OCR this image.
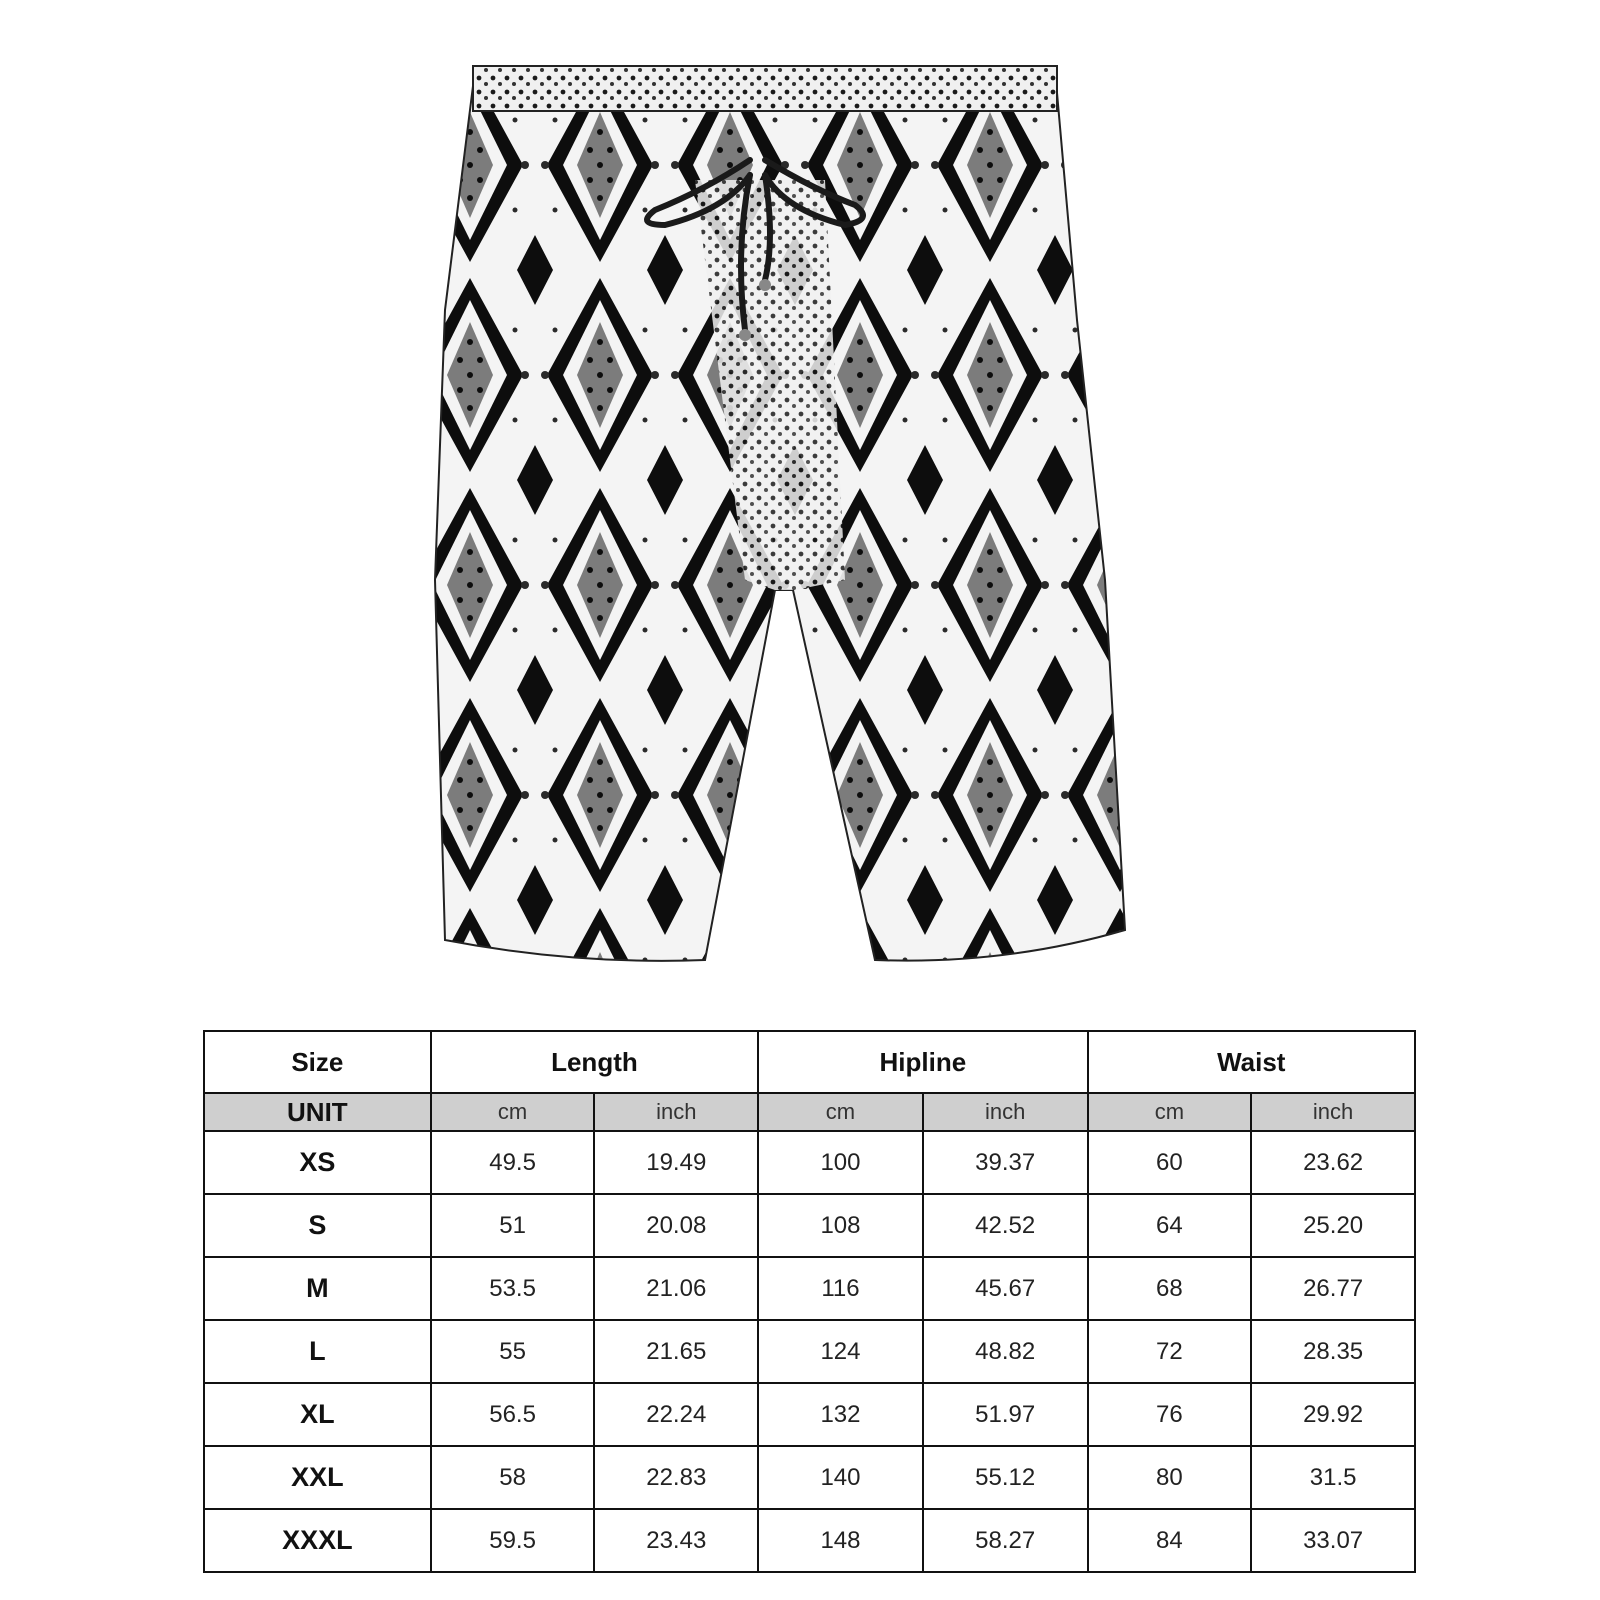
Size	Length		Hipline		Waist	
UNIT	cm	inch	cm	inch	cm	inch
XS	49.5	19.49	100	39.37	60	23.62
S	51	20.08	108	42.52	64	25.20
M	53.5	21.06	116	45.67	68	26.77
L	55	21.65	124	48.82	72	28.35
XL	56.5	22.24	132	51.97	76	29.92
XXL	58	22.83	140	55.12	80	31.5
XXXL	59.5	23.43	148	58.27	84	33.07
